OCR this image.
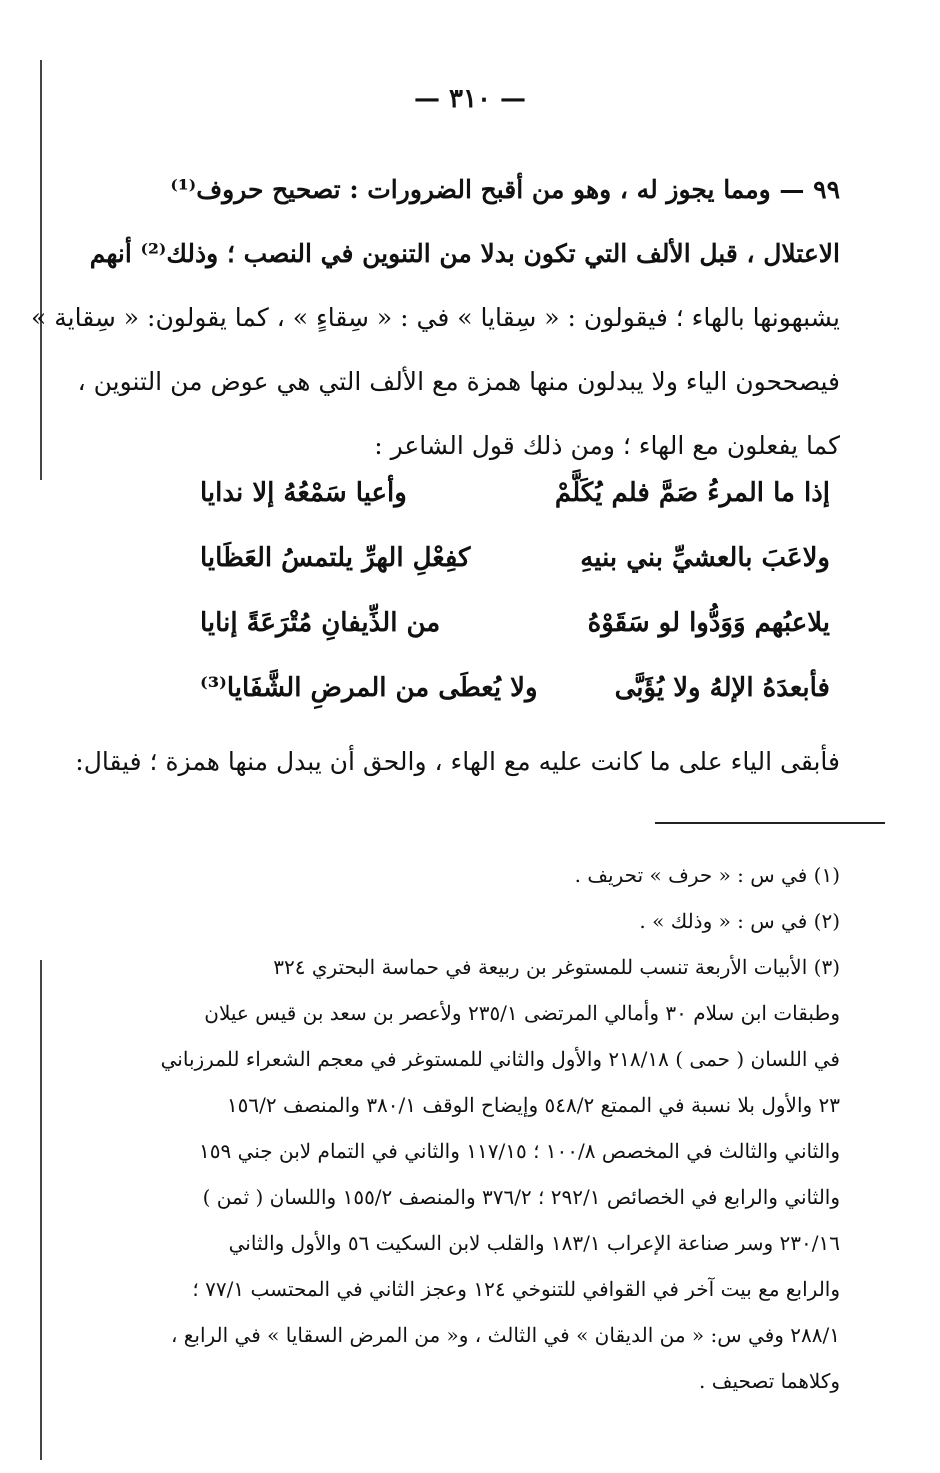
— ٣١٠ —
٩٩ — ومما يجوز له ، وهو من أقبح الضرورات : تصحيح حروف⁽¹⁾
الاعتلال ، قبل الألف التي تكون بدلا من التنوين في النصب ؛ وذلك⁽²⁾ أنهم
يشبهونها بالهاء ؛ فيقولون : « سِقايا » في : « سِقاءٍ » ، كما يقولون: « سِقاية »
فيصححون الياء ولا يبدلون منها همزة مع الألف التي هي عوض من التنوين ،
كما يفعلون مع الهاء ؛ ومن ذلك قول الشاعر :
إذا ما المرءُ صَمَّ فلم يُكَلَّمْ
وأعيا سَمْعُهُ إلا ندايا
ولاعَبَ بالعشيِّ بني بنيهِ
كفِعْلِ الهرِّ يلتمسُ العَظَايا
يلاعبُهم وَوَدُّوا لو سَقَوْهُ
من الذِّيفانِ مُتْرَعَةً إنايا
فأبعدَهُ الإلهُ ولا يُؤَبَّى
ولا يُعطَى من المرضِ الشَّفَايا⁽³⁾
فأبقى الياء على ما كانت عليه مع الهاء ، والحق أن يبدل منها همزة ؛ فيقال:
(١) في س : « حرف » تحريف .
(٢) في س : « وذلك » .
(٣) الأبيات الأربعة تنسب للمستوغر بن ربيعة في حماسة البحتري ٣٢٤
وطبقات ابن سلام ٣٠ وأمالي المرتضى ٢٣٥/١ ولأعصر بن سعد بن قيس عيلان
في اللسان ( حمى ) ٢١٨/١٨ والأول والثاني للمستوغر في معجم الشعراء للمرزباني
٢٣ والأول بلا نسبة في الممتع ٥٤٨/٢ وإيضاح الوقف ٣٨٠/١ والمنصف ١٥٦/٢
والثاني والثالث في المخصص ١٠٠/٨ ؛ ١١٧/١٥ والثاني في التمام لابن جني ١٥٩
والثاني والرابع في الخصائص ٢٩٢/١ ؛ ٣٧٦/٢ والمنصف ١٥٥/٢ واللسان ( ثمن )
٢٣٠/١٦ وسر صناعة الإعراب ١٨٣/١ والقلب لابن السكيت ٥٦ والأول والثاني
والرابع مع بيت آخر في القوافي للتنوخي ١٢٤ وعجز الثاني في المحتسب ٧٧/١ ؛
٢٨٨/١ وفي س: « من الديقان » في الثالث ، و« من المرض السقايا » في الرابع ،
وكلاهما تصحيف .
